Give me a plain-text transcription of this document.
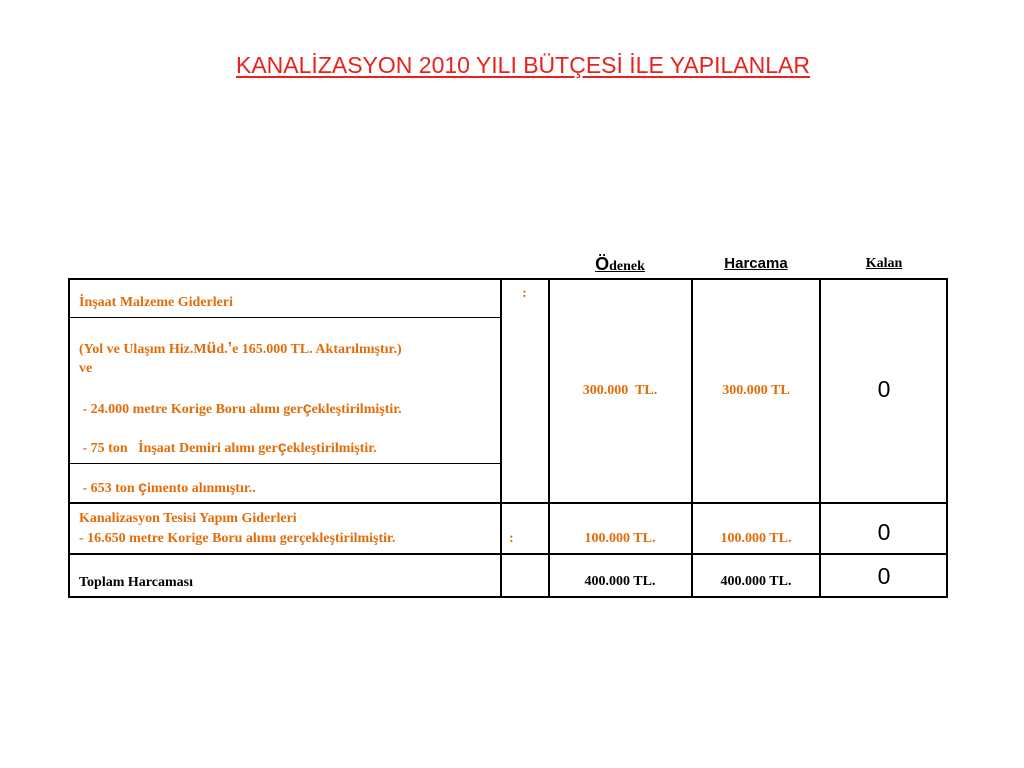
KANALİZASYON 2010 YILI BÜTÇESİ İLE YAPILANLAR
Ödenek	Harcama	Kalan
İnşaat Malzeme Giderleri
:
(Yol ve Ulaşım Hiz.Müd.’e 165.000 TL. Aktarılmıştır.)
ve
- 24.000 metre Korige Boru alımı gerçekleştirilmiştir.
- 75 ton   İnşaat Demiri alımı gerçekleştirilmiştir.
- 653 ton çimento alınmıştır..
300.000  TL.	300.000 TL	0
Kanalizasyon Tesisi Yapım Giderleri
- 16.650 metre Korige Boru alımı gerçekleştirilmiştir.	:	100.000 TL.	100.000 TL.	0
Toplam Harcaması	400.000 TL.	400.000 TL.	0
